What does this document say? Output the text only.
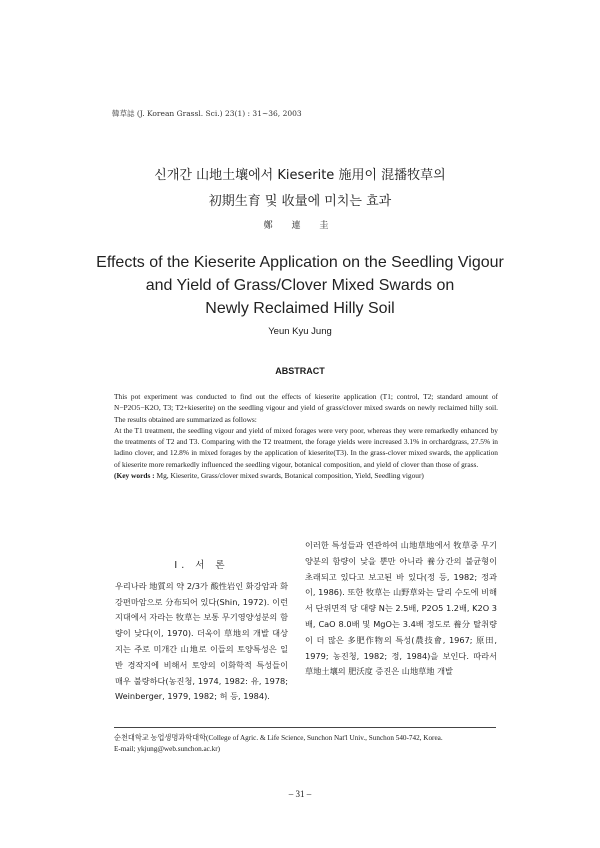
韓草誌 (J. Korean Grassl. Sci.) 23(1) : 31~36, 2003
신개간 山地土壤에서 Kieserite 施用이 混播牧草의
初期生育 및 收量에 미치는 효과
鄭 連 圭
Effects of the Kieserite Application on the Seedling Vigour
and Yield of Grass/Clover Mixed Swards on
Newly Reclaimed Hilly Soil
Yeun Kyu Jung
ABSTRACT

This pot experiment was conducted to find out the effects of kieserite application (T1; control, T2; standard amount of N−P2O5−K2O, T3; T2+kieserite) on the seedling vigour and yield of grass/clover mixed swards on newly reclaimed hilly soil. The results obtained are summarized as follows:

At the T1 treatment, the seedling vigour and yield of mixed forages were very poor, whereas they were remarkedly enhanced by the treatments of T2 and T3. Comparing with the T2 treatment, the forage yields were increased 3.1% in orchardgrass, 27.5% in ladino clover, and 12.8% in mixed forages by the application of kieserite(T3). In the grass-clover mixed swards, the application of kieserite more remarkedly influenced the seedling vigour, botanical composition, and yield of clover than those of grass.

(Key words : Mg, Kieserite, Grass/clover mixed swards, Botanical composition, Yield, Seedling vigour)

I. 서 론

우리나라 地質의 약 2/3가 酸性岩인 화강암과 화강편마암으로 分布되어 있다(Shin, 1972). 이런 지대에서 자라는 牧草는 보통 무기영양성분의 함량이 낮다(이, 1970). 더욱이 草地의 개발 대상지는 주로 미개간 山地로 이들의 토양특성은 일반 경작지에 비해서 토양의 이화학적 특성들이 매우 불량하다(농진청, 1974, 1982: 유, 1978; Weinberger, 1979, 1982; 허 등, 1984).

이러한 특성들과 연관하여 山地草地에서 牧草중 무기양분의 함량이 낮을 뿐만 아니라 養分간의 불균형이 초래되고 있다고 보고된 바 있다(정 등, 1982; 정과 이, 1986). 또한 牧草는 山野草와는 달리 수도에 비해서 단위면적 당 대량 N는 2.5배, P2O5 1.2배, K2O 3배, CaO 8.0배 및 MgO는 3.4배 정도로 養分 탈취량이 더 많은 多肥作物의 특성(農技會, 1967; 原田, 1979; 농진청, 1982; 정, 1984)을 보인다. 따라서 草地土壤의 肥沃度 증진은 山地草地 개발

순천대학교 농업생명과학대학(College of Agric. & Life Science, Sunchon Nat'l Univ., Sunchon 540-742, Korea.
E-mail; ykjung@web.sunchon.ac.kr)
– 31 –
